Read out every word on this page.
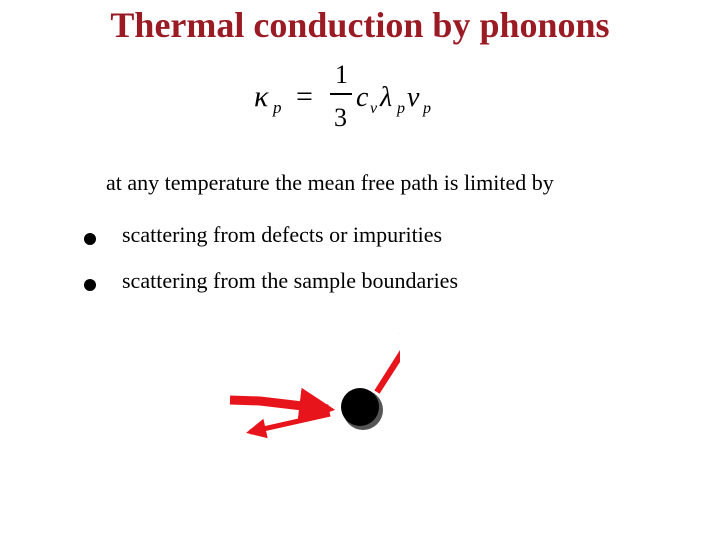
Thermal conduction by phonons
κ p =
1
3
c v λ p v p
at any temperature the mean free path is limited by
scattering from defects or impurities
scattering from the sample boundaries
